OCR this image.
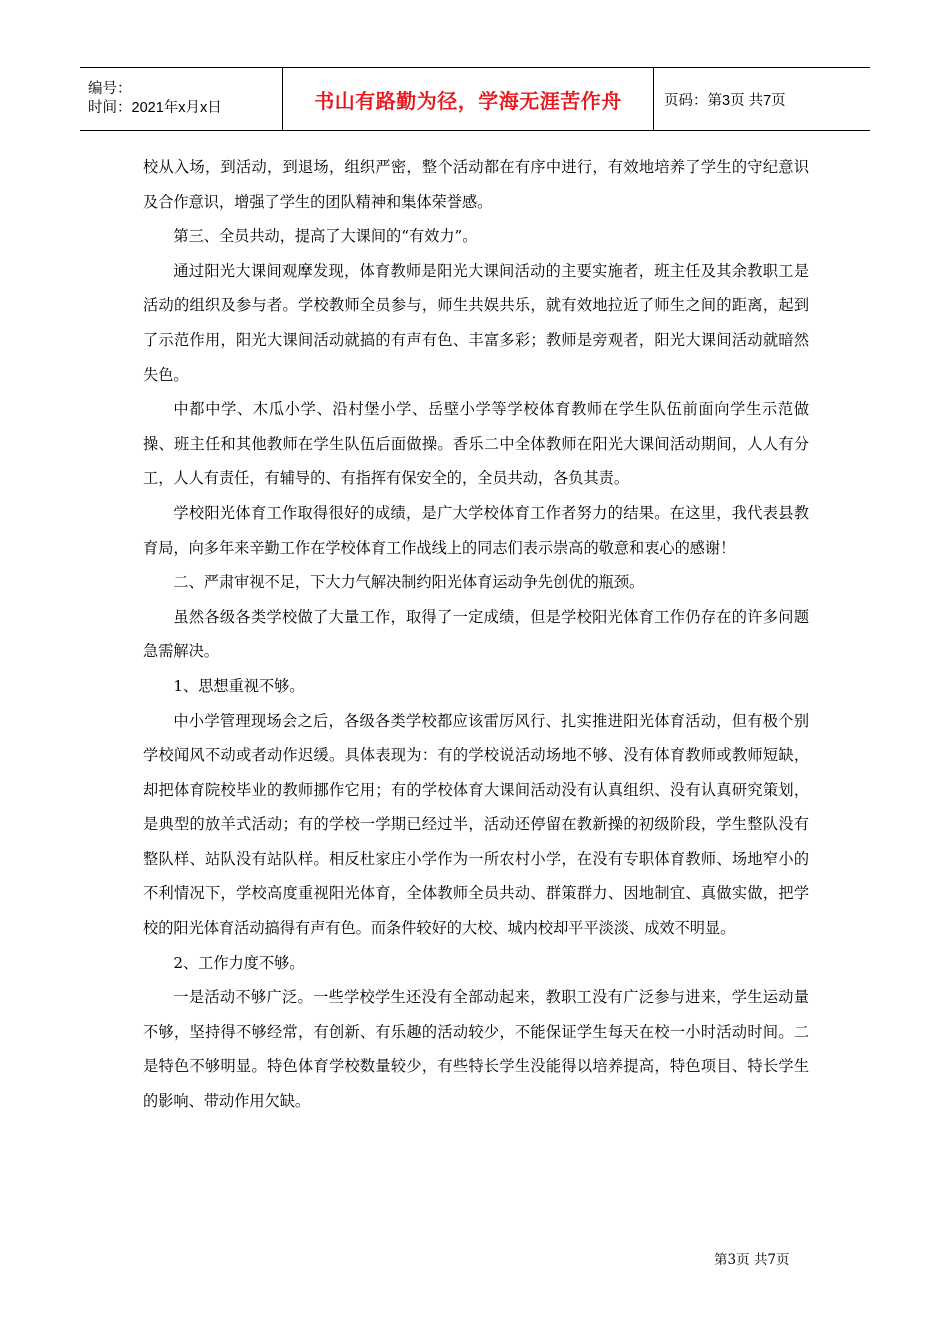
编号：
时间：2021年x月x日	书山有路勤为径，学海无涯苦作舟	页码：第3页 共7页

校从入场，到活动，到退场，组织严密，整个活动都在有序中进行，有效地培养了学生的守纪意识及合作意识，增强了学生的团队精神和集体荣誉感。

第三、全员共动，提高了大课间的“有效力”。

通过阳光大课间观摩发现，体育教师是阳光大课间活动的主要实施者，班主任及其余教职工是活动的组织及参与者。学校教师全员参与，师生共娱共乐，就有效地拉近了师生之间的距离，起到了示范作用，阳光大课间活动就搞的有声有色、丰富多彩；教师是旁观者，阳光大课间活动就暗然失色。

中都中学、木瓜小学、沿村堡小学、岳壁小学等学校体育教师在学生队伍前面向学生示范做操、班主任和其他教师在学生队伍后面做操。香乐二中全体教师在阳光大课间活动期间，人人有分工，人人有责任，有辅导的、有指挥有保安全的，全员共动，各负其责。

学校阳光体育工作取得很好的成绩，是广大学校体育工作者努力的结果。在这里，我代表县教育局，向多年来辛勤工作在学校体育工作战线上的同志们表示崇高的敬意和衷心的感谢！

二、严肃审视不足，下大力气解决制约阳光体育运动争先创优的瓶颈。

虽然各级各类学校做了大量工作，取得了一定成绩，但是学校阳光体育工作仍存在的许多问题急需解决。

1、思想重视不够。

中小学管理现场会之后，各级各类学校都应该雷厉风行、扎实推进阳光体育活动，但有极个别学校闻风不动或者动作迟缓。具体表现为：有的学校说活动场地不够、没有体育教师或教师短缺，却把体育院校毕业的教师挪作它用；有的学校体育大课间活动没有认真组织、没有认真研究策划，是典型的放羊式活动；有的学校一学期已经过半，活动还停留在教新操的初级阶段，学生整队没有整队样、站队没有站队样。相反杜家庄小学作为一所农村小学，在没有专职体育教师、场地窄小的不利情况下，学校高度重视阳光体育，全体教师全员共动、群策群力、因地制宜、真做实做，把学校的阳光体育活动搞得有声有色。而条件较好的大校、城内校却平平淡淡、成效不明显。

2、工作力度不够。

一是活动不够广泛。一些学校学生还没有全部动起来，教职工没有广泛参与进来，学生运动量不够，坚持得不够经常，有创新、有乐趣的活动较少，不能保证学生每天在校一小时活动时间。二是特色不够明显。特色体育学校数量较少，有些特长学生没能得以培养提高，特色项目、特长学生的影响、带动作用欠缺。

第3页 共7页
